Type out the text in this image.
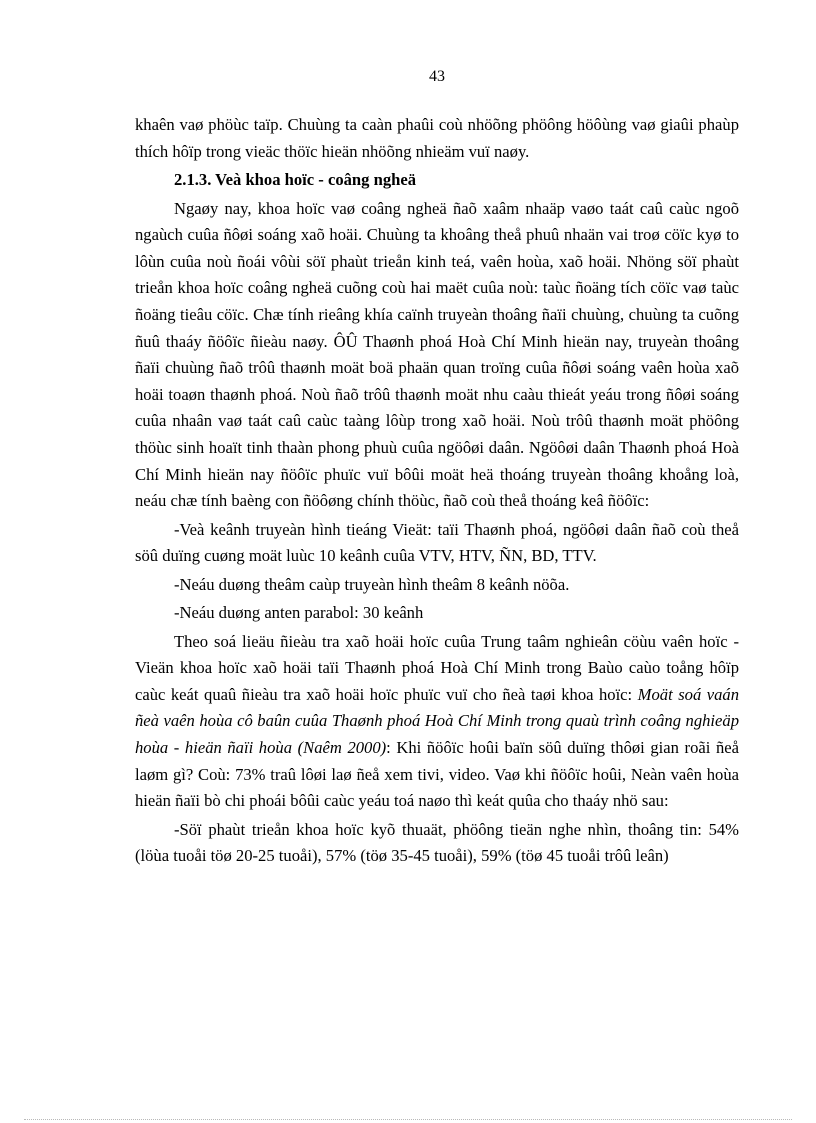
43

khaên vaø phöùc taïp. Chuùng ta caàn phaûi coù nhöõng phöông höôùng vaø giaûi phaùp thích hôïp trong vieäc thöïc hieän nhöõng nhieäm vuï naøy.

2.1.3. Veà khoa hoïc - coâng ngheä

Ngaøy nay, khoa hoïc vaø coâng ngheä ñaõ xaâm nhaäp vaøo taát caû caùc ngoõ ngaùch cuûa ñôøi soáng xaõ hoäi. Chuùng ta khoâng theå phuû nhaän vai troø cöïc kyø to lôùn cuûa noù ñoái vôùi söï phaùt trieån kinh teá, vaên hoùa, xaõ hoäi. Nhöng söï phaùt trieån khoa hoïc coâng ngheä cuõng coù hai maët cuûa noù: taùc ñoäng tích cöïc vaø taùc ñoäng tieâu cöïc. Chæ tính rieâng khía caïnh truyeàn thoâng ñaïi chuùng, chuùng ta cuõng ñuû thaáy ñöôïc ñieàu naøy. ÔÛ Thaønh phoá Hoà Chí Minh hieän nay, truyeàn thoâng ñaïi chuùng ñaõ trôû thaønh moät boä phaän quan troïng cuûa ñôøi soáng vaên hoùa xaõ hoäi toaøn thaønh phoá. Noù ñaõ trôû thaønh moät nhu caàu thieát yeáu trong ñôøi soáng cuûa nhaân vaø taát caû caùc taàng lôùp trong xaõ hoäi. Noù trôû thaønh moät phöông thöùc sinh hoaït tinh thaàn phong phuù cuûa ngöôøi daân. Ngöôøi daân Thaønh phoá Hoà Chí Minh hieän nay ñöôïc phuïc vuï bôûi moät heä thoáng truyeàn thoâng khoång loà, neáu chæ tính baèng con ñöôøng chính thöùc, ñaõ coù theå thoáng keâ ñöôïc:

-Veà keânh truyeàn hình tieáng Vieät: taïi Thaønh phoá, ngöôøi daân ñaõ coù theå söû duïng cuøng moät luùc 10 keânh cuûa VTV, HTV, ÑN, BD, TTV.

-Neáu duøng theâm caùp truyeàn hình theâm 8 keânh nöõa.

-Neáu duøng anten parabol: 30 keânh

Theo soá lieäu ñieàu tra xaõ hoäi hoïc cuûa Trung taâm nghieân cöùu vaên hoïc -Vieän khoa hoïc xaõ hoäi taïi Thaønh phoá Hoà Chí Minh trong Baùo caùo toång hôïp caùc keát quaû ñieàu tra xaõ hoäi hoïc phuïc vuï cho ñeà taøi khoa hoïc: Moät soá vaán ñeà vaên hoùa cô baûn cuûa Thaønh phoá Hoà Chí Minh trong quaù trình coâng nghieäp hoùa - hieän ñaïi hoùa (Naêm 2000): Khi ñöôïc hoûi baïn söû duïng thôøi gian roãi ñeå laøm gì? Coù: 73% traû lôøi laø ñeå xem tivi, video. Vaø khi ñöôïc hoûi, Neàn vaên hoùa hieän ñaïi bò chi phoái bôûi caùc yeáu toá naøo thì keát quûa cho thaáy nhö sau:

-Söï phaùt trieån khoa hoïc kyõ thuaät, phöông tieän nghe nhìn, thoâng tin: 54% (löùa tuoåi töø 20-25 tuoåi), 57% (töø 35-45 tuoåi), 59% (töø 45 tuoåi trôû leân)
